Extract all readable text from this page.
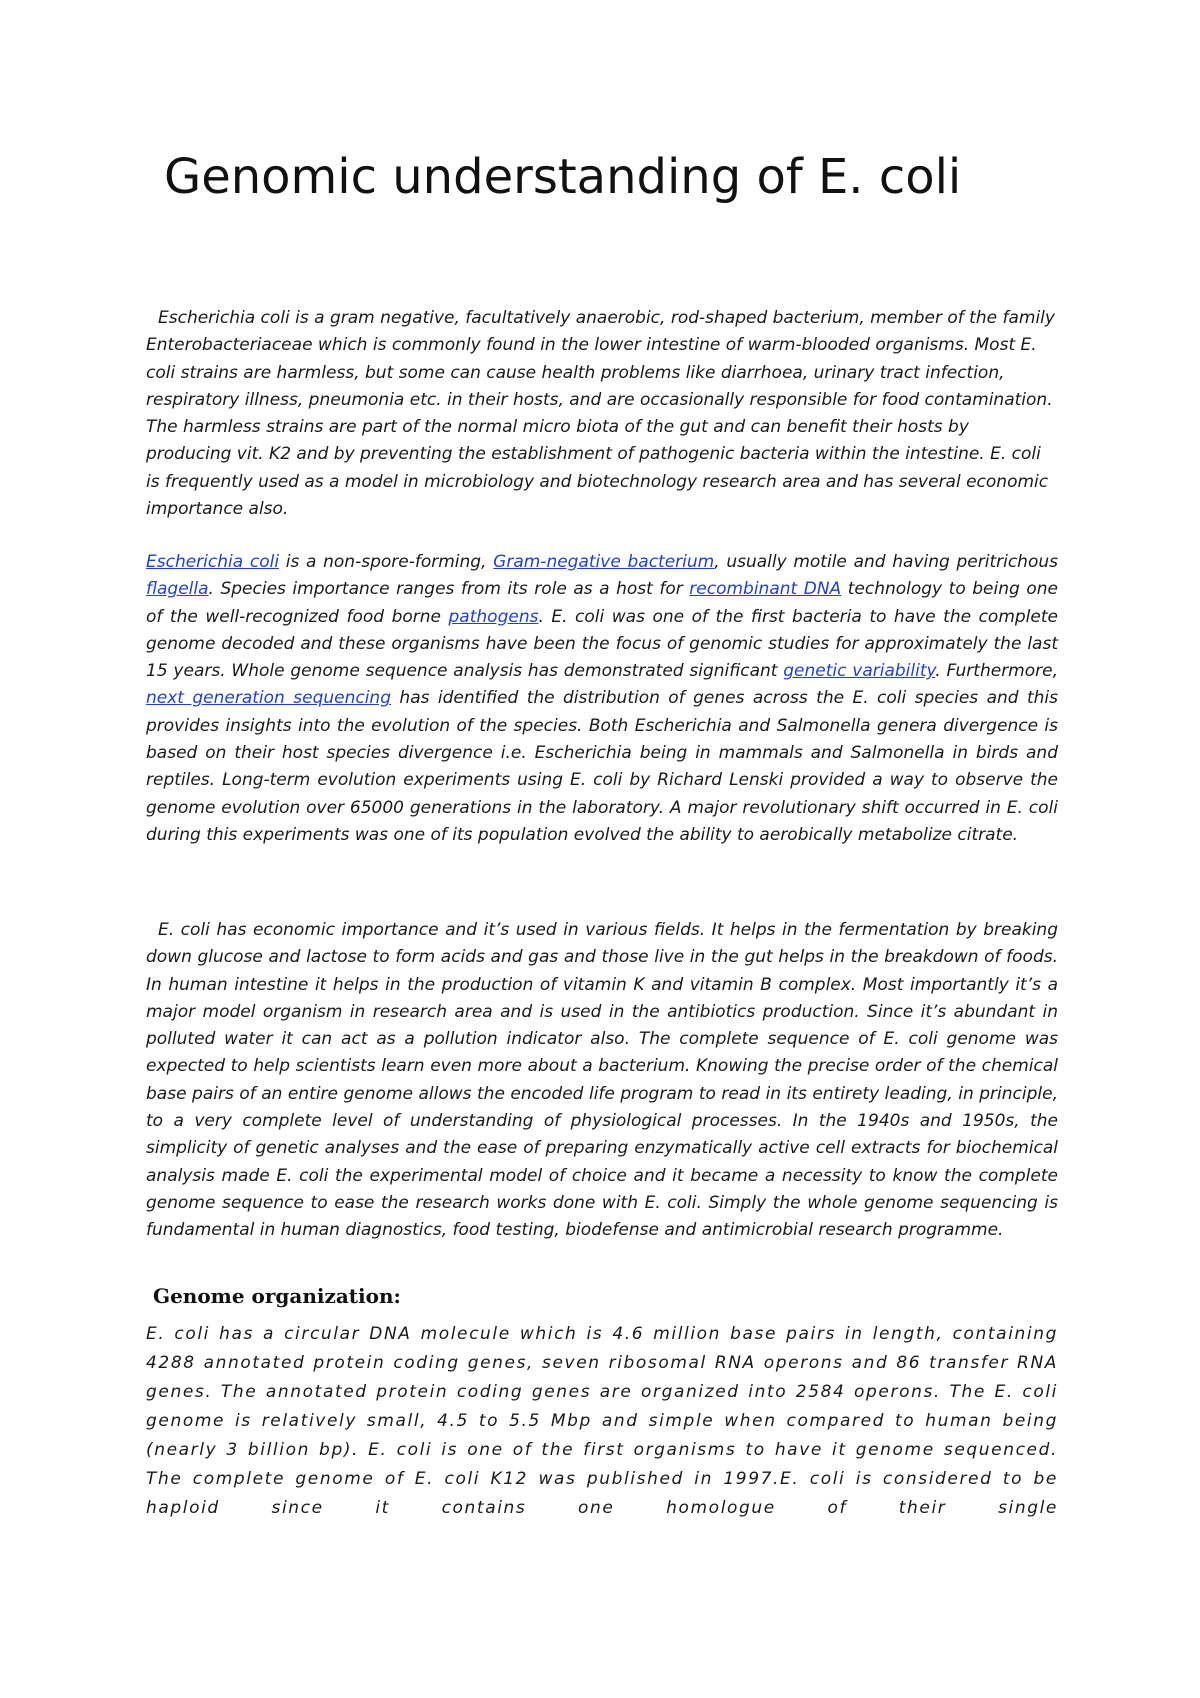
Genomic understanding of E. coli

Escherichia coli is a gram negative, facultatively anaerobic, rod-shaped bacterium, member of the family Enterobacteriaceae which is commonly found in the lower intestine of warm-blooded organisms. Most E. coli strains are harmless, but some can cause health problems like diarrhoea, urinary tract infection, respiratory illness, pneumonia etc. in their hosts, and are occasionally responsible for food contamination. The harmless strains are part of the normal micro biota of the gut and can benefit their hosts by producing vit. K2 and by preventing the establishment of pathogenic bacteria within the intestine. E. coli is frequently used as a model in microbiology and biotechnology research area and has several economic importance also.

Escherichia coli is a non-spore-forming, Gram-negative bacterium, usually motile and having peritrichous flagella. Species importance ranges from its role as a host for recombinant DNA technology to being one of the well-recognized food borne pathogens. E. coli was one of the first bacteria to have the complete genome decoded and these organisms have been the focus of genomic studies for approximately the last 15 years. Whole genome sequence analysis has demonstrated significant genetic variability. Furthermore, next generation sequencing has identified the distribution of genes across the E. coli species and this provides insights into the evolution of the species. Both Escherichia and Salmonella genera divergence is based on their host species divergence i.e. Escherichia being in mammals and Salmonella in birds and reptiles. Long-term evolution experiments using E. coli by Richard Lenski provided a way to observe the genome evolution over 65000 generations in the laboratory. A major revolutionary shift occurred in E. coli during this experiments was one of its population evolved the ability to aerobically metabolize citrate.

E. coli has economic importance and it’s used in various fields. It helps in the fermentation by breaking down glucose and lactose to form acids and gas and those live in the gut helps in the breakdown of foods. In human intestine it helps in the production of vitamin K and vitamin B complex. Most importantly it’s a major model organism in research area and is used in the antibiotics production. Since it’s abundant in polluted water it can act as a pollution indicator also. The complete sequence of E. coli genome was expected to help scientists learn even more about a bacterium. Knowing the precise order of the chemical base pairs of an entire genome allows the encoded life program to read in its entirety leading, in principle, to a very complete level of understanding of physiological processes. In the 1940s and 1950s, the simplicity of genetic analyses and the ease of preparing enzymatically active cell extracts for biochemical analysis made E. coli the experimental model of choice and it became a necessity to know the complete genome sequence to ease the research works done with E. coli. Simply the whole genome sequencing is fundamental in human diagnostics, food testing, biodefense and antimicrobial research programme.

Genome organization:

E. coli has a circular DNA molecule which is 4.6 million base pairs in length, containing 4288 annotated protein coding genes, seven ribosomal RNA operons and 86 transfer RNA genes. The annotated protein coding genes are organized into 2584 operons. The E. coli genome is relatively small, 4.5 to 5.5 Mbp and simple when compared to human being (nearly 3 billion bp). E. coli is one of the first organisms to have it genome sequenced. The complete genome of E. coli K12 was published in 1997.E. coli is considered to be haploid since it contains one homologue of their single
